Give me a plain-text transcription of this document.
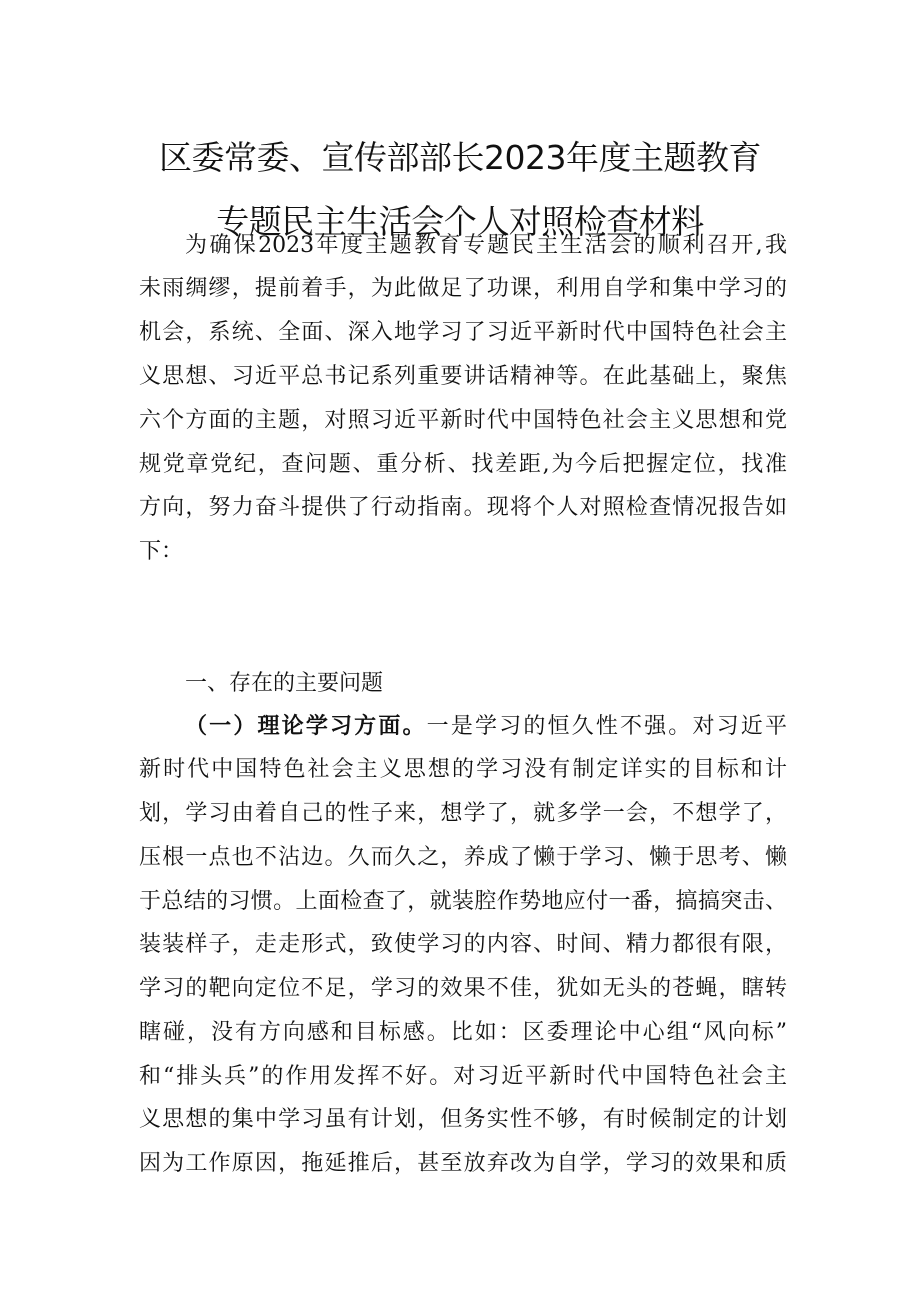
区委常委、宣传部部长2023年度主题教育
专题民主生活会个人对照检查材料
为确保2023年度主题教育专题民主生活会的顺利召开,我
未雨绸缪，提前着手，为此做足了功课，利用自学和集中学习的
机会，系统、全面、深入地学习了习近平新时代中国特色社会主
义思想、习近平总书记系列重要讲话精神等。在此基础上，聚焦
六个方面的主题，对照习近平新时代中国特色社会主义思想和党
规党章党纪，查问题、重分析、找差距,为今后把握定位，找准
方向，努力奋斗提供了行动指南。现将个人对照检查情况报告如
下：
一、存在的主要问题
（一）理论学习方面。一是学习的恒久性不强。对习近平
新时代中国特色社会主义思想的学习没有制定详实的目标和计
划，学习由着自己的性子来，想学了，就多学一会，不想学了，
压根一点也不沾边。久而久之，养成了懒于学习、懒于思考、懒
于总结的习惯。上面检查了，就装腔作势地应付一番，搞搞突击、
装装样子，走走形式，致使学习的内容、时间、精力都很有限，
学习的靶向定位不足，学习的效果不佳，犹如无头的苍蝇，瞎转
瞎碰，没有方向感和目标感。比如：区委理论中心组“风向标”
和“排头兵”的作用发挥不好。对习近平新时代中国特色社会主
义思想的集中学习虽有计划，但务实性不够，有时候制定的计划
因为工作原因，拖延推后，甚至放弃改为自学，学习的效果和质
